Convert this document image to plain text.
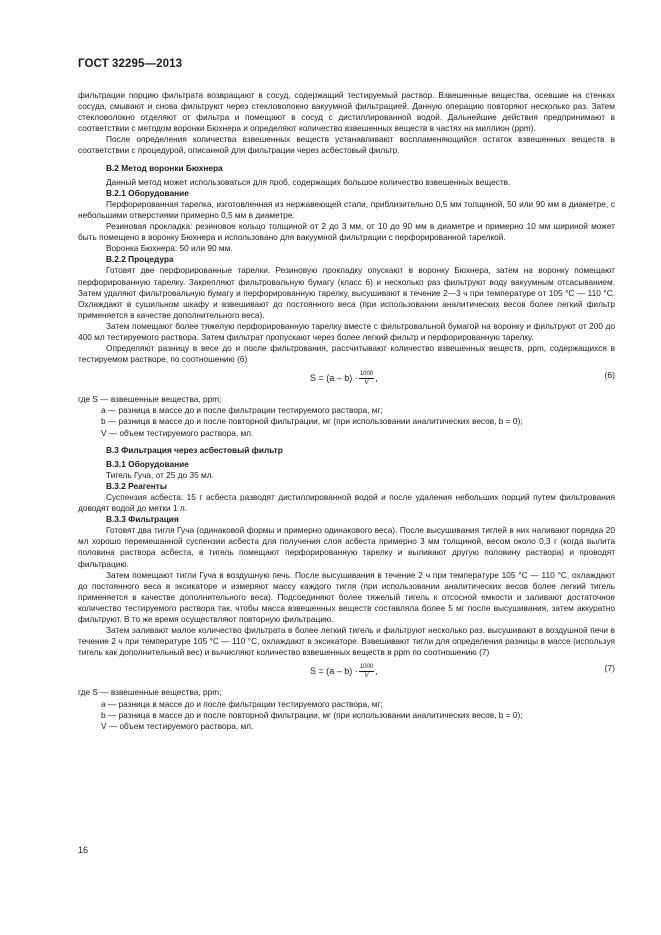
ГОСТ 32295—2013

фильтрации порцию фильтрата возвращают в сосуд, содержащий тестируемый раствор. Взвешенные вещества, осевшие на стенках сосуда, смывают и снова фильтруют через стекловолокно вакуумной фильтрацией. Данную операцию повторяют несколько раз. Затем стекловолокно отделяют от фильтра и помещают в сосуд с дистиллированной водой. Дальнейшие действия предпринимают в соответствии с методом воронки Бюхнера и определяют количество взвешенных веществ в частях на миллион (ppm).

После определения количества взвешенных веществ устанавливают воспламеняющийся остаток взвешенных веществ в соответствии с процедурой, описанной для фильтрации через асбестовый фильтр.

В.2 Метод воронки Бюхнера

Данный метод может использоваться для проб, содержащих большое количество взвешенных веществ.

В.2.1 Оборудование

Перфорированная тарелка, изготовленная из нержавеющей стали, приблизительно 0,5 мм толщиной, 50 или 90 мм в диаметре, с небольшими отверстиями примерно 0,5 мм в диаметре.

Резиновая прокладка: резиновое кольцо толщиной от 2 до 3 мм, от 10 до 90 мм в диаметре и примерно 10 мм шириной может быть помещено в воронку Бюхнера и использовано для вакуумной фильтрации с перфорированной тарелкой.

Воронка Бюхнера: 50 или 90 мм.

В.2.2 Процедура

Готовят две перфорированные тарелки. Резиновую прокладку опускают в воронку Бюхнера, затем на воронку помещают перфорированную тарелку. Закрепляют фильтровальную бумагу (класс 6) и несколько раз фильтруют воду вакуумным отсасыванием. Затем удаляют фильтровальную бумагу и перфорированную тарелку, высушивают в течение 2—3 ч при температуре от 105 °С — 110 °С. Охлаждают в сушильном шкафу и взвешивают до постоянного веса (при использовании аналитических весов более легкий фильтр применяется в качестве дополнительного веса).

Затем помещают более тяжелую перфорированную тарелку вместе с фильтровальной бумагой на воронку и фильтруют от 200 до 400 мл тестируемого раствора. Затем фильтрат пропускают через более легкий фильтр и перфорированную тарелку.

Определяют разницу в весе до и после фильтрования, рассчитывают количество взвешенных веществ, ppm, содержащихся в тестируемом растворе, по соотношению (6)

$S = (a - b) \cdot \frac{1000}{V}$ ,	(6)

где S — взвешенные вещества, ppm;

a — разница в массе до и после фильтрации тестируемого раствора, мг;

b — разница в массе до и после повторной фильтрации, мг (при использовании аналитических весов, b = 0);

V — объем тестируемого раствора, мл.

В.3 Фильтрация через асбестовый фильтр

В.3.1 Оборудование

Тигель Гуча, от 25 до 35 мл.

В.3.2 Реагенты

Суспензия асбеста: 15 г асбеста разводят дистиллированной водой и после удаления небольших порций путем фильтрования доводят водой до метки 1 л.

В.3.3 Фильтрация

Готовят два тигля Гуча (одинаковой формы и примерно одинакового веса). После высушивания тиглей в них наливают порядка 20 мл хорошо перемешанной суспензии асбеста для получения слоя асбеста примерно 3 мм толщиной, весом около 0,3 г (когда вылита половина раствора асбеста, в тигель помещают перфорированную тарелку и выливают другую половину раствора) и проводят фильтрацию.

Затем помещают тигли Гуча в воздушную печь. После высушивания в течение 2 ч при температуре 105 °С — 110 °С, охлаждают до постоянного веса в эксикаторе и измеряют массу каждого тигля (при использовании аналитических весов более легкий тигель применяется в качестве дополнительного веса). Подсоединяют более тяжелый тигель к отсосной емкости и заливают достаточное количество тестируемого раствора так, чтобы масса взвешенных веществ составляла более 5 мг после высушивания, затем аккуратно фильтруют. В то же время осуществляют повторную фильтрацию.

Затем заливают малое количество фильтрата в более легкий тигель и фильтруют несколько раз, высушивают в воздушной печи в течение 2 ч при температуре 105 °С — 110 °С, охлаждают в эксикаторе. Взвешивают тигли для определения разницы в массе (используя тигель как дополнительный вес) и вычисляют количество взвешенных веществ в ppm по соотношению (7)

$S = (a - b) \cdot \frac{1000}{V}$ ,	(7)

где S — взвешенные вещества, ppm;

a — разница в массе до и после фильтрации тестируемого раствора, мг;

b — разница в массе до и после повторной фильтрации, мг (при использовании аналитических весов, b = 0);

V — объем тестируемого раствора, мл.

16
